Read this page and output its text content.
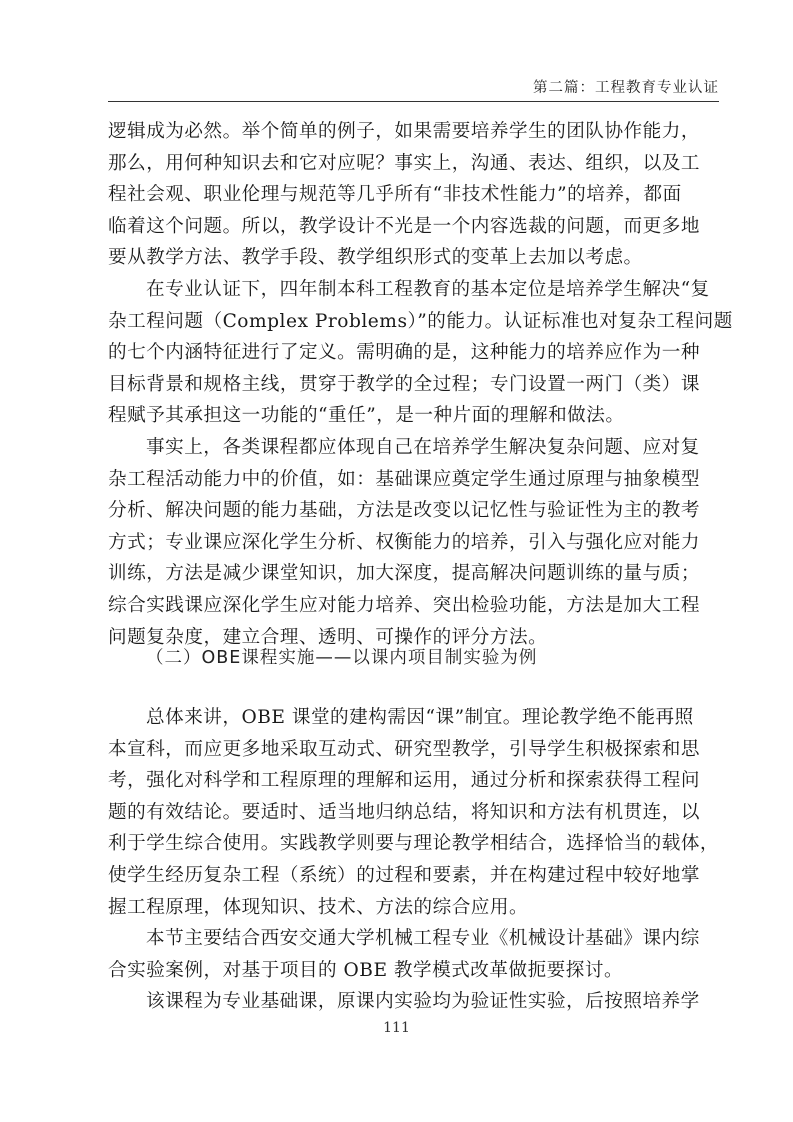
第二篇：工程教育专业认证
逻辑成为必然。举个简单的例子，如果需要培养学生的团队协作能力，
那么，用何种知识去和它对应呢？事实上，沟通、表达、组织，以及工
程社会观、职业伦理与规范等几乎所有“非技术性能力”的培养，都面
临着这个问题。所以，教学设计不光是一个内容选裁的问题，而更多地
要从教学方法、教学手段、教学组织形式的变革上去加以考虑。
在专业认证下，四年制本科工程教育的基本定位是培养学生解决“复
杂工程问题（Complex Problems）”的能力。认证标准也对复杂工程问题
的七个内涵特征进行了定义。需明确的是，这种能力的培养应作为一种
目标背景和规格主线，贯穿于教学的全过程；专门设置一两门（类）课
程赋予其承担这一功能的“重任”，是一种片面的理解和做法。
事实上，各类课程都应体现自己在培养学生解决复杂问题、应对复
杂工程活动能力中的价值，如：基础课应奠定学生通过原理与抽象模型
分析、解决问题的能力基础，方法是改变以记忆性与验证性为主的教考
方式；专业课应深化学生分析、权衡能力的培养，引入与强化应对能力
训练，方法是减少课堂知识，加大深度，提高解决问题训练的量与质；
综合实践课应深化学生应对能力培养、突出检验功能，方法是加大工程
问题复杂度，建立合理、透明、可操作的评分方法。
（二）OBE课程实施——以课内项目制实验为例
总体来讲，OBE 课堂的建构需因“课”制宜。理论教学绝不能再照
本宣科，而应更多地采取互动式、研究型教学，引导学生积极探索和思
考，强化对科学和工程原理的理解和运用，通过分析和探索获得工程问
题的有效结论。要适时、适当地归纳总结，将知识和方法有机贯连，以
利于学生综合使用。实践教学则要与理论教学相结合，选择恰当的载体，
使学生经历复杂工程（系统）的过程和要素，并在构建过程中较好地掌
握工程原理，体现知识、技术、方法的综合应用。
本节主要结合西安交通大学机械工程专业《机械设计基础》课内综
合实验案例，对基于项目的 OBE 教学模式改革做扼要探讨。
该课程为专业基础课，原课内实验均为验证性实验，后按照培养学
111
